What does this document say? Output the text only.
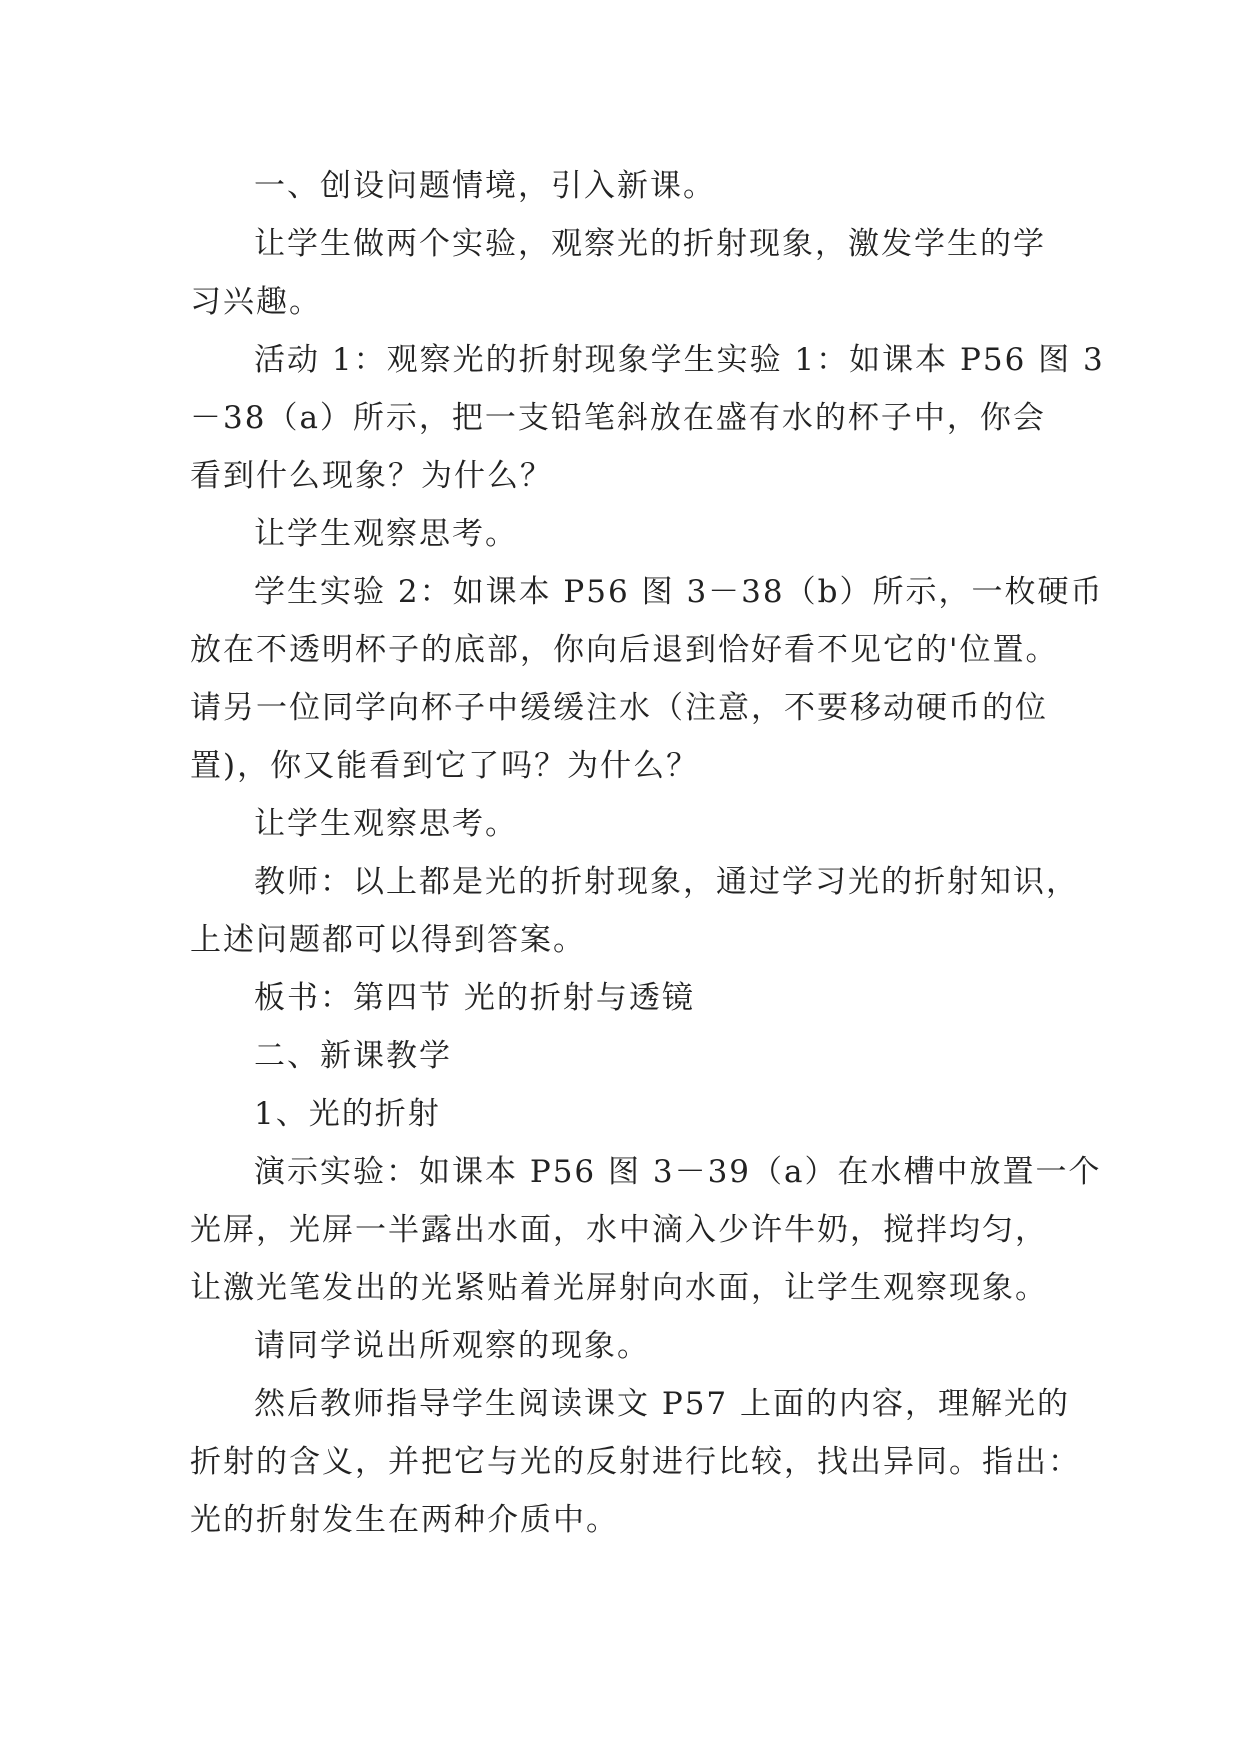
一、创设问题情境，引入新课。
让学生做两个实验，观察光的折射现象，激发学生的学
习兴趣。
活动 1：观察光的折射现象学生实验 1：如课本 P56 图 3
－38（a）所示，把一支铅笔斜放在盛有水的杯子中，你会
看到什么现象？为什么？
让学生观察思考。
学生实验 2：如课本 P56 图 3－38（b）所示，一枚硬币
放在不透明杯子的底部，你向后退到恰好看不见它的'位置。
请另一位同学向杯子中缓缓注水（注意，不要移动硬币的位
置)，你又能看到它了吗？为什么？
让学生观察思考。
教师：以上都是光的折射现象，通过学习光的折射知识，
上述问题都可以得到答案。
板书：第四节 光的折射与透镜
二、新课教学
1、光的折射
演示实验：如课本 P56 图 3－39（a）在水槽中放置一个
光屏，光屏一半露出水面，水中滴入少许牛奶，搅拌均匀，
让激光笔发出的光紧贴着光屏射向水面，让学生观察现象。
请同学说出所观察的现象。
然后教师指导学生阅读课文 P57 上面的内容，理解光的
折射的含义，并把它与光的反射进行比较，找出异同。指出：
光的折射发生在两种介质中。
